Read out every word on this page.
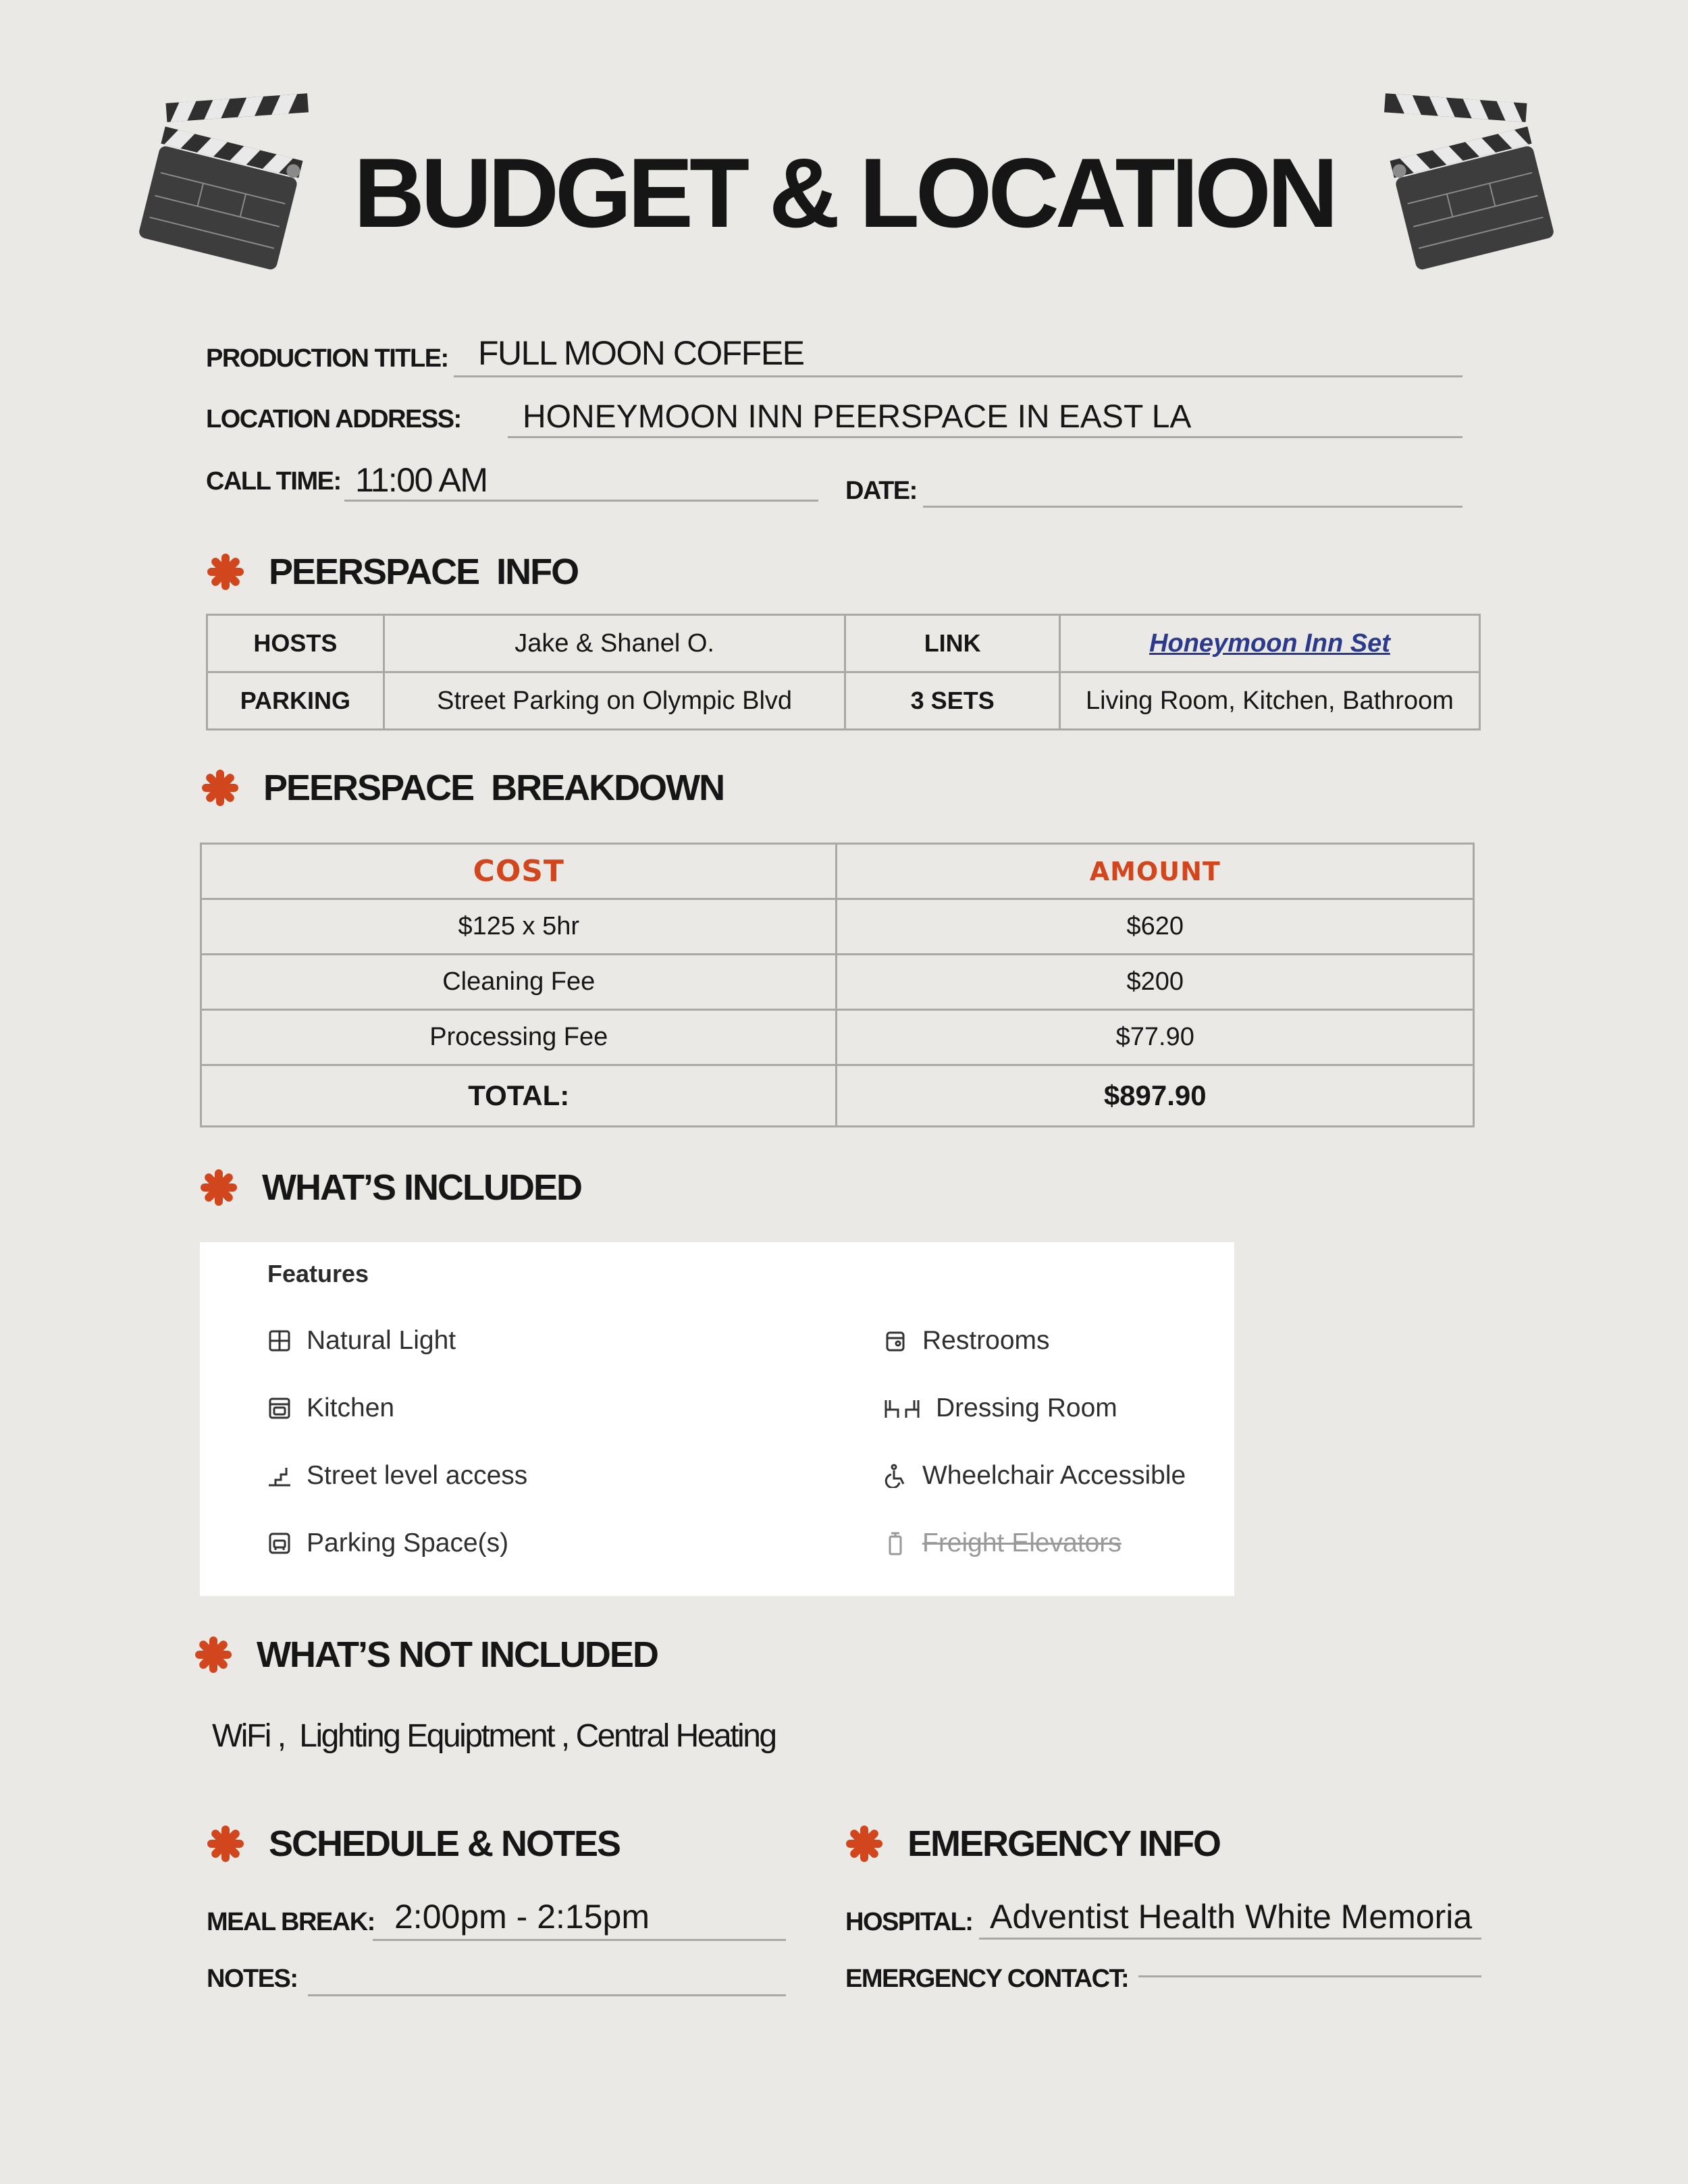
BUDGET & LOCATION
PRODUCTION TITLE: FULL MOON COFFEE
LOCATION ADDRESS: HONEYMOON INN PEERSPACE IN EAST LA
CALL TIME: 11:00 AM	DATE:
PEERSPACE  INFO
HOSTS	Jake & Shanel O.	LINK	Honeymoon Inn Set
PARKING	Street Parking on Olympic Blvd	3 SETS	Living Room, Kitchen, Bathroom
PEERSPACE  BREAKDOWN
COST	AMOUNT
$125 x 5hr	$620
Cleaning Fee	$200
Processing Fee	$77.90
TOTAL:	$897.90
WHAT’S INCLUDED
Features
Natural Light
Kitchen
Street level access
Parking Space(s)
Restrooms
Dressing Room
Wheelchair Accessible
Freight Elevators
WHAT’S NOT INCLUDED
WiFi ,  Lighting Equiptment , Central Heating
SCHEDULE & NOTES
MEAL BREAK: 2:00pm - 2:15pm
NOTES:
EMERGENCY INFO
HOSPITAL: Adventist Health White Memoria
EMERGENCY CONTACT:
